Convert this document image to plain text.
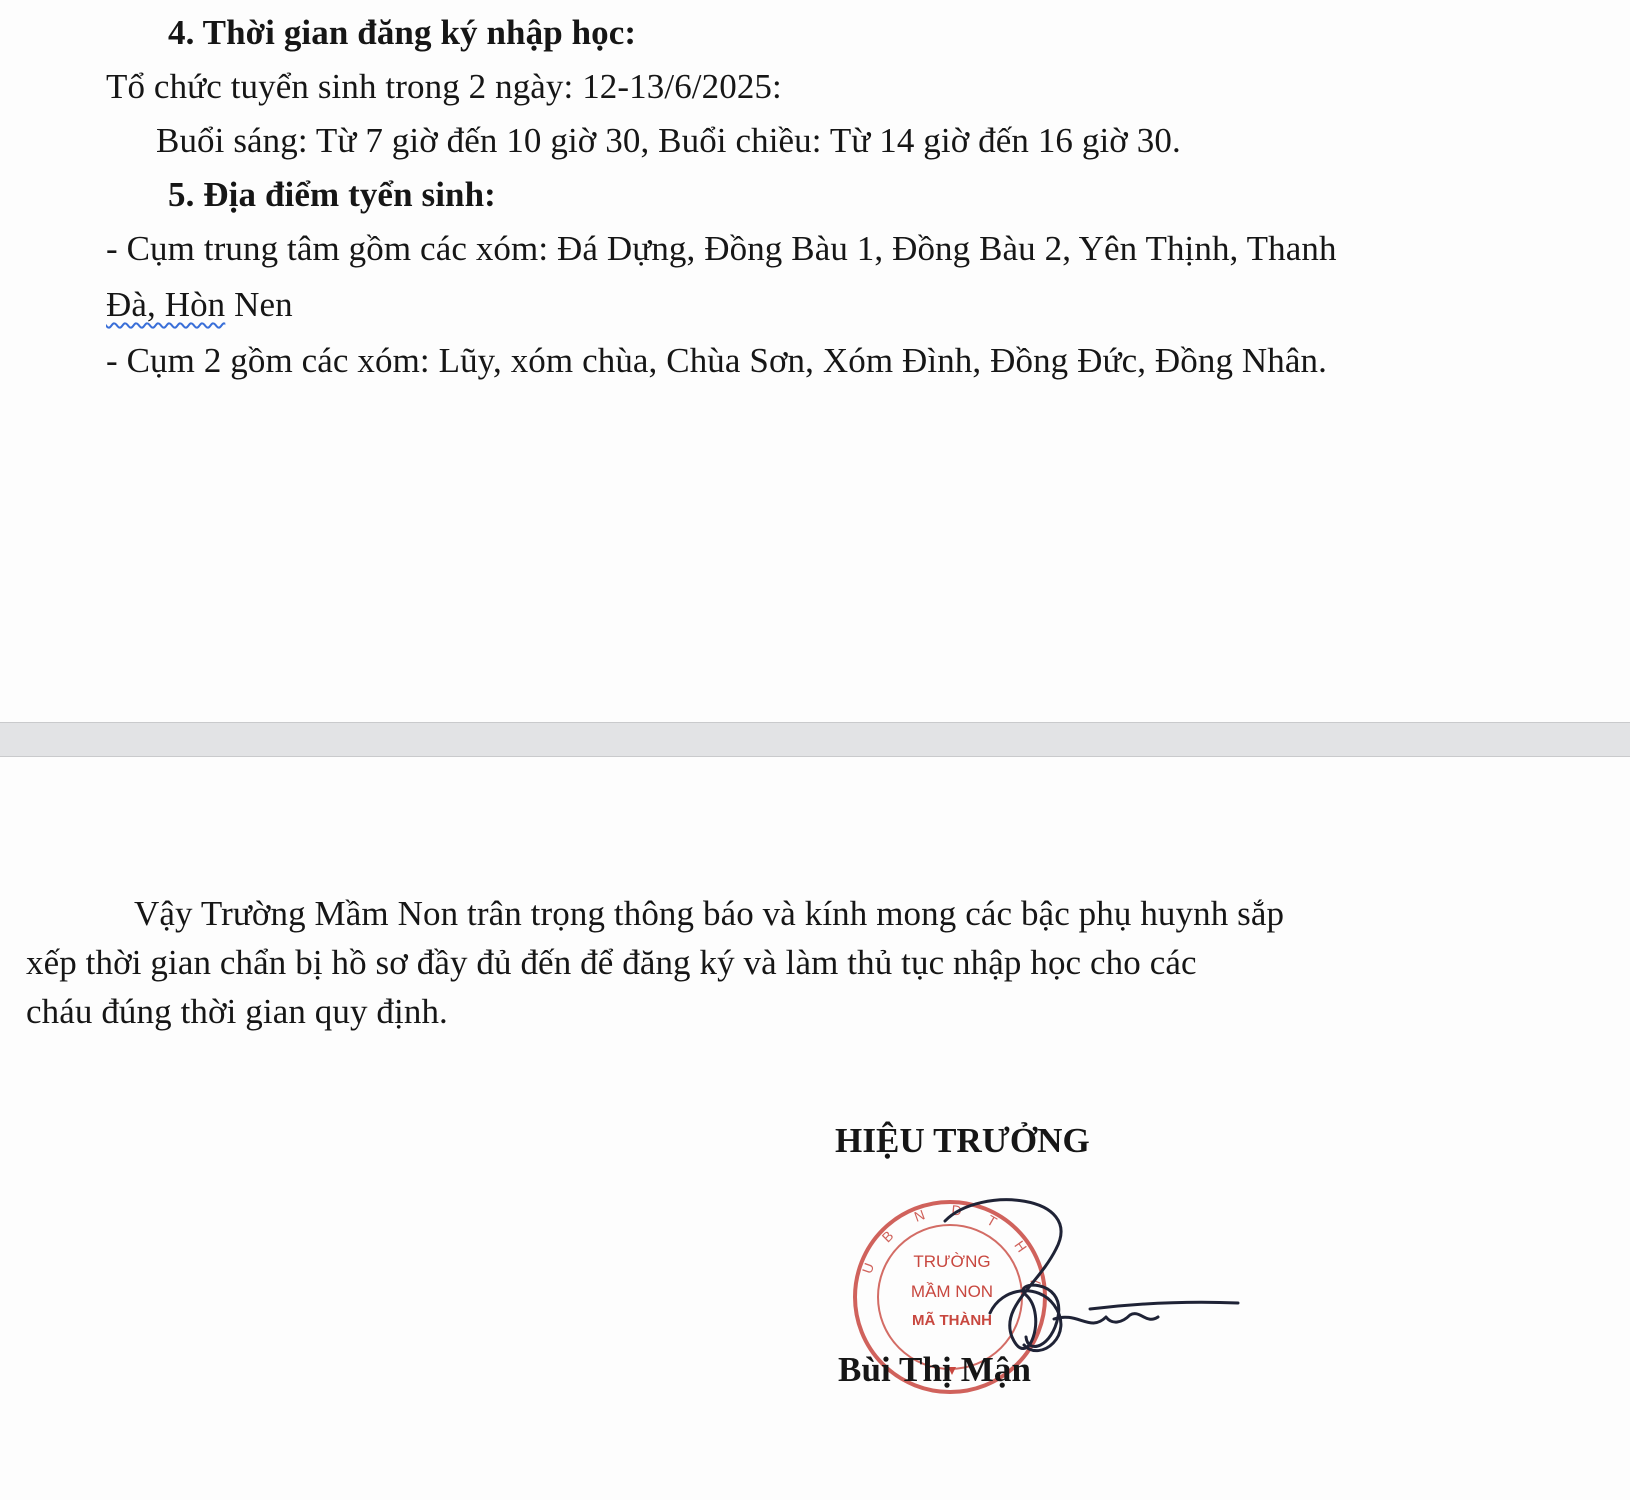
4. Thời gian đăng ký nhập học:
Tổ chức tuyển sinh trong 2 ngày: 12-13/6/2025:
Buổi sáng: Từ 7 giờ đến 10 giờ 30, Buổi chiều: Từ 14 giờ đến 16 giờ 30.
5. Địa điểm tyển sinh:
- Cụm trung tâm gồm các xóm: Đá Dựng, Đồng Bàu 1, Đồng Bàu 2, Yên Thịnh, Thanh
Đà, Hòn Nen
- Cụm 2 gồm các xóm: Lũy, xóm chùa, Chùa Sơn, Xóm Đình, Đồng Đức, Đồng Nhân.
Vậy Trường Mầm Non trân trọng thông báo và kính mong các bậc phụ huynh sắp
xếp thời gian chẩn bị hồ sơ đầy đủ đến để đăng ký và làm thủ tục nhập học cho các
cháu đúng thời gian quy định.
HIỆU TRƯỞNG
U
B
N D
T
H
Y
TRƯỜNG
MẦM NON
MÃ THÀNH
Bùi Thị Mận
